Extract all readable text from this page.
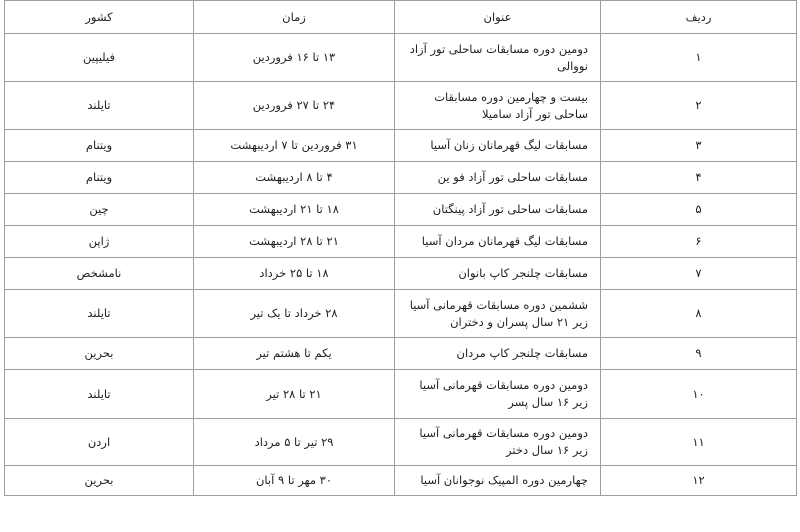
ردیف	عنوان	زمان	کشور
۱	دومین دوره مسابقات ساحلی تور آزاد نووالی	۱۳ تا ۱۶ فروردین	فیلیپین
۲	بیست و چهارمین دوره مسابقات ساحلی تور آزاد سامیلا	۲۴ تا ۲۷ فروردین	تایلند
۳	مسابقات لیگ قهرمانان زنان آسیا	۳۱ فروردین تا ۷ اردیبهشت	ویتنام
۴	مسابقات ساحلی تور آزاد فو ین	۴ تا ۸ اردیبهشت	ویتنام
۵	مسابقات ساحلی تور آزاد پینگتان	۱۸ تا ۲۱ اردیبهشت	چین
۶	مسابقات لیگ قهرمانان مردان آسیا	۲۱ تا ۲۸ اردیبهشت	ژاپن
۷	مسابقات چلنجر کاپ بانوان	۱۸ تا ۲۵ خرداد	نامشخص
۸	ششمین دوره مسابقات قهرمانی آسیا زیر ۲۱ سال پسران و دختران	۲۸ خرداد تا یک تیر	تایلند
۹	مسابقات چلنجر کاپ مردان	یکم تا هشتم تیر	بحرین
۱۰	دومین دوره مسابقات قهرمانی آسیا زیر ۱۶ سال پسر	۲۱ تا ۲۸ تیر	تایلند
۱۱	دومین دوره مسابقات قهرمانی آسیا زیر ۱۶ سال دختر	۲۹ تیر تا ۵ مرداد	اردن
۱۲	چهارمین دوره المپیک نوجوانان آسیا	۳۰ مهر تا ۹ آبان	بحرین
